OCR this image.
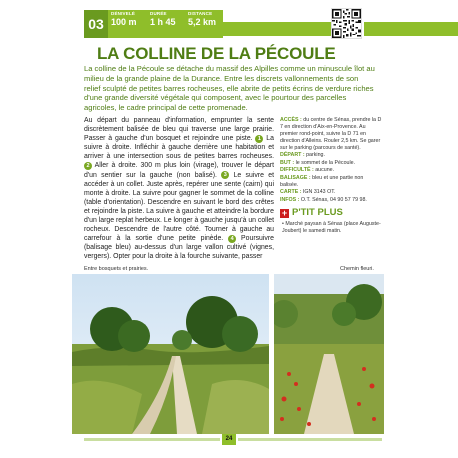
03
DÉNIVELÉ
100 m
DURÉE
1 h 45
DISTANCE
5,2 km
LA COLLINE DE LA PÉCOULE

La colline de la Pécoule se détache du massif des Alpilles comme un minuscule îlot au milieu de la grande plaine de la Durance. Entre les discrets vallonnements de son relief sculpté de petites barres rocheuses, elle abrite de petits écrins de verdure riches d'une grande diversité végétale qui composent, avec le pourtour des parcelles agricoles, le cadre principal de cette promenade.

Au départ du panneau d'information, emprunter la sente discrètement balisée de bleu qui traverse une large prairie. Passer à gauche d'un bosquet et rejoindre une piste. 1 La suivre à droite. Infléchir à gauche derrière une habitation et arriver à une intersection sous de petites barres rocheuses. 2 Aller à droite. 300 m plus loin (virage), trouver le départ d'un sentier sur la gauche (non balisé). 3 Le suivre et accéder à un collet. Juste après, repérer une sente (cairn) qui monte à droite. La suivre pour gagner le sommet de la colline (table d'orientation). Descendre en suivant le bord des crêtes et rejoindre la piste. La suivre à gauche et atteindre la bordure d'un large replat herbeux. Le longer à gauche jusqu'à un collet rocheux. Descendre de l'autre côté. Tourner à gauche au carrefour à la sortie d'une petite pinède. 4 Poursuivre (balisage bleu) au-dessus d'un large vallon cultivé (vignes, vergers). Opter pour la droite à la fourche suivante, passer

ACCÈS : du centre de Sénas, prendre la D 7 en direction d'Aix-en-Provence. Au premier rond-point, suivre la D 71 en direction d'Alleins. Rouler 2,5 km. Se garer sur le parking (parcours de santé).
DÉPART : parking.
BUT : le sommet de la Pécoule.
DIFFICULTÉ : aucune.
BALISAGE : bleu et une partie non balisée.
CARTE : IGN 3143 OT.
INFOS : O.T. Sénas, 04 90 57 79 98.
+ P'TIT PLUS
• Marché paysan à Sénas (place Auguste-Joubert) le samedi matin.
Entre bosquets et prairies.	Chemin fleuri.
24
